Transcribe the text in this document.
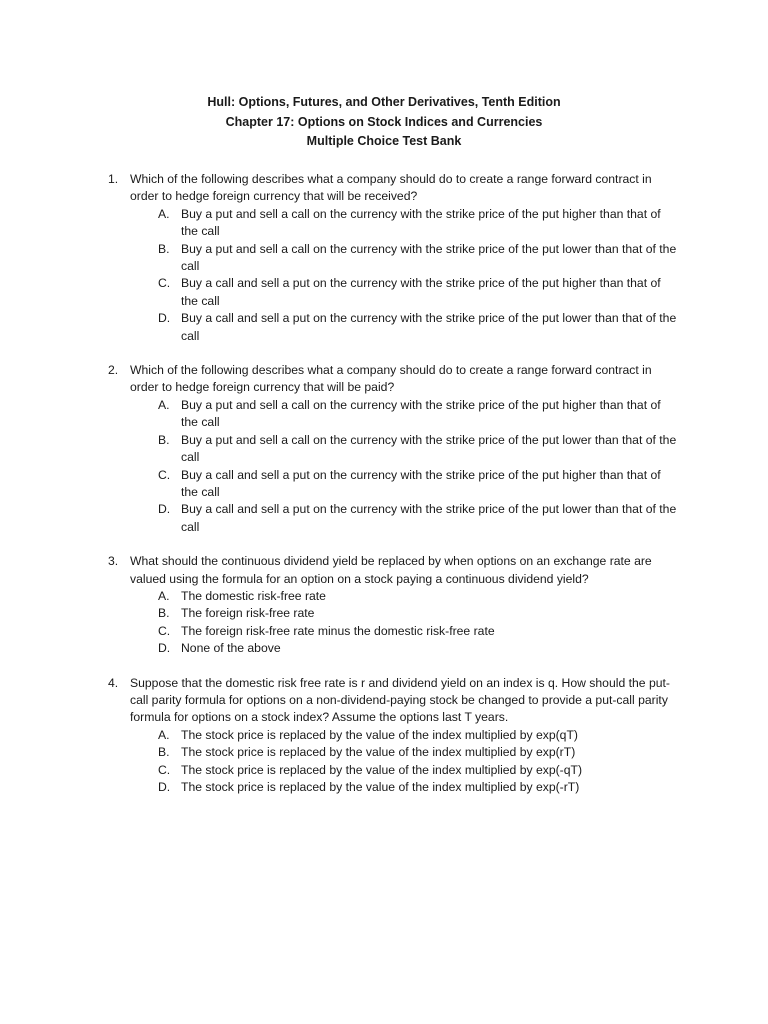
Hull: Options, Futures, and Other Derivatives, Tenth Edition
Chapter 17: Options on Stock Indices and Currencies
Multiple Choice Test Bank
1. Which of the following describes what a company should do to create a range forward contract in order to hedge foreign currency that will be received?
A. Buy a put and sell a call on the currency with the strike price of the put higher than that of the call
B. Buy a put and sell a call on the currency with the strike price of the put lower than that of the call
C. Buy a call and sell a put on the currency with the strike price of the put higher than that of the call
D. Buy a call and sell a put on the currency with the strike price of the put lower than that of the call
2. Which of the following describes what a company should do to create a range forward contract in order to hedge foreign currency that will be paid?
A. Buy a put and sell a call on the currency with the strike price of the put higher than that of the call
B. Buy a put and sell a call on the currency with the strike price of the put lower than that of the call
C. Buy a call and sell a put on the currency with the strike price of the put higher than that of the call
D. Buy a call and sell a put on the currency with the strike price of the put lower than that of the call
3. What should the continuous dividend yield be replaced by when options on an exchange rate are valued using the formula for an option on a stock paying a continuous dividend yield?
A. The domestic risk-free rate
B. The foreign risk-free rate
C. The foreign risk-free rate minus the domestic risk-free rate
D. None of the above
4. Suppose that the domestic risk free rate is r and dividend yield on an index is q. How should the put-call parity formula for options on a non-dividend-paying stock be changed to provide a put-call parity formula for options on a stock index? Assume the options last T years.
A. The stock price is replaced by the value of the index multiplied by exp(qT)
B. The stock price is replaced by the value of the index multiplied by exp(rT)
C. The stock price is replaced by the value of the index multiplied by exp(-qT)
D. The stock price is replaced by the value of the index multiplied by exp(-rT)
